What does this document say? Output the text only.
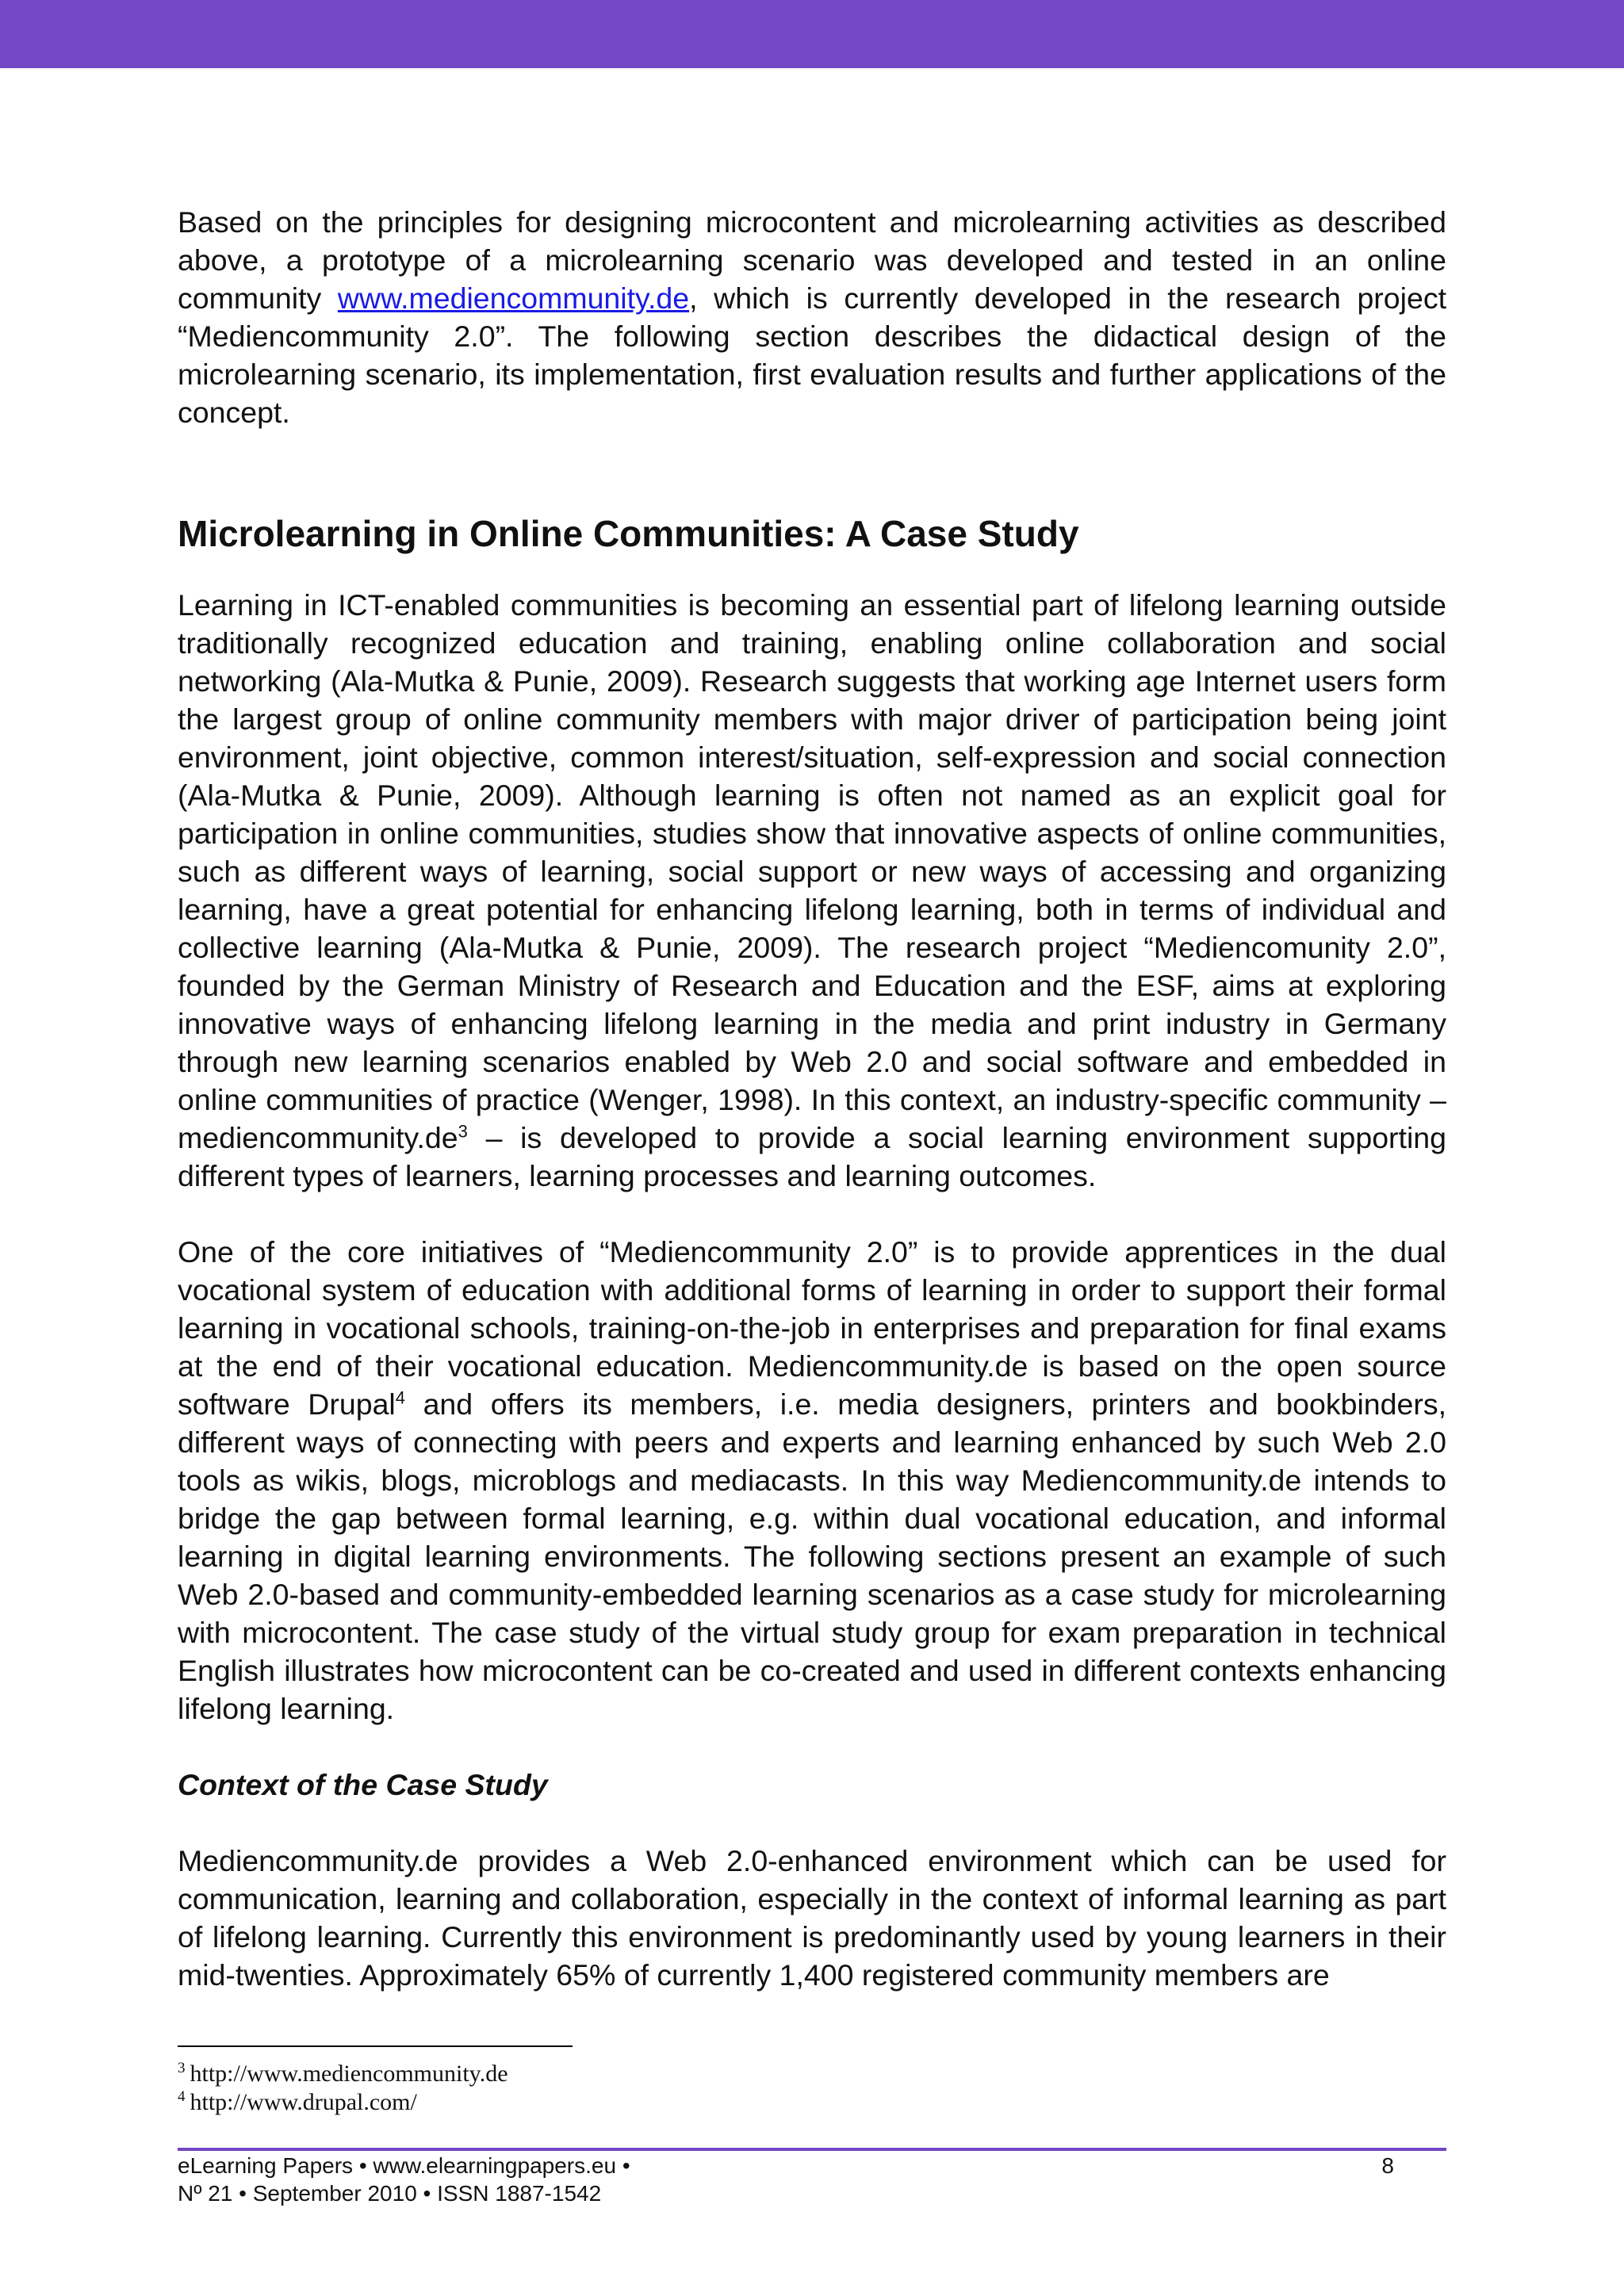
Based on the principles for designing microcontent and microlearning activities as described above, a prototype of a microlearning scenario was developed and tested in an online community www.mediencommunity.de, which is currently developed in the research project “Mediencommunity 2.0”. The following section describes the didactical design of the microlearning scenario, its implementation, first evaluation results and further applications of the concept.

Microlearning in Online Communities: A Case Study

Learning in ICT-enabled communities is becoming an essential part of lifelong learning outside traditionally recognized education and training, enabling online collaboration and social networking (Ala-Mutka & Punie, 2009). Research suggests that working age Internet users form the largest group of online community members with major driver of participation being joint environment, joint objective, common interest/situation, self-expression and social connection (Ala-Mutka & Punie, 2009). Although learning is often not named as an explicit goal for participation in online communities, studies show that innovative aspects of online communities, such as different ways of learning, social support or new ways of accessing and organizing learning, have a great potential for enhancing lifelong learning, both in terms of individual and collective learning (Ala-Mutka & Punie, 2009). The research project “Mediencomunity 2.0”, founded by the German Ministry of Research and Education and the ESF, aims at exploring innovative ways of enhancing lifelong learning in the media and print industry in Germany through new learning scenarios enabled by Web 2.0 and social software and embedded in online communities of practice (Wenger, 1998). In this context, an industry-specific community – $mediencommunity.de^3$ – is developed to provide a social learning environment supporting different types of learners, learning processes and learning outcomes.

One of the core initiatives of “Mediencommunity 2.0” is to provide apprentices in the dual vocational system of education with additional forms of learning in order to support their formal learning in vocational schools, training-on-the-job in enterprises and preparation for final exams at the end of their vocational education. Mediencommunity.de is based on the open source software Drupal$^4$ and offers its members, i.e. media designers, printers and bookbinders, different ways of connecting with peers and experts and learning enhanced by such Web 2.0 tools as wikis, blogs, microblogs and mediacasts. In this way Mediencommunity.de intends to bridge the gap between formal learning, e.g. within dual vocational education, and informal learning in digital learning environments. The following sections present an example of such Web 2.0-based and community-embedded learning scenarios as a case study for microlearning with microcontent. The case study of the virtual study group for exam preparation in technical English illustrates how microcontent can be co-created and used in different contexts enhancing lifelong learning.

Context of the Case Study

Mediencommunity.de provides a Web 2.0-enhanced environment which can be used for communication, learning and collaboration, especially in the context of informal learning as part of lifelong learning. Currently this environment is predominantly used by young learners in their mid-twenties. Approximately 65% of currently 1,400 registered community members are

$^3$ http://www.mediencommunity.de
$^4$ http://www.drupal.com/
eLearning Papers • www.elearningpapers.eu •
Nº 21 • September 2010 • ISSN 1887-1542
8
